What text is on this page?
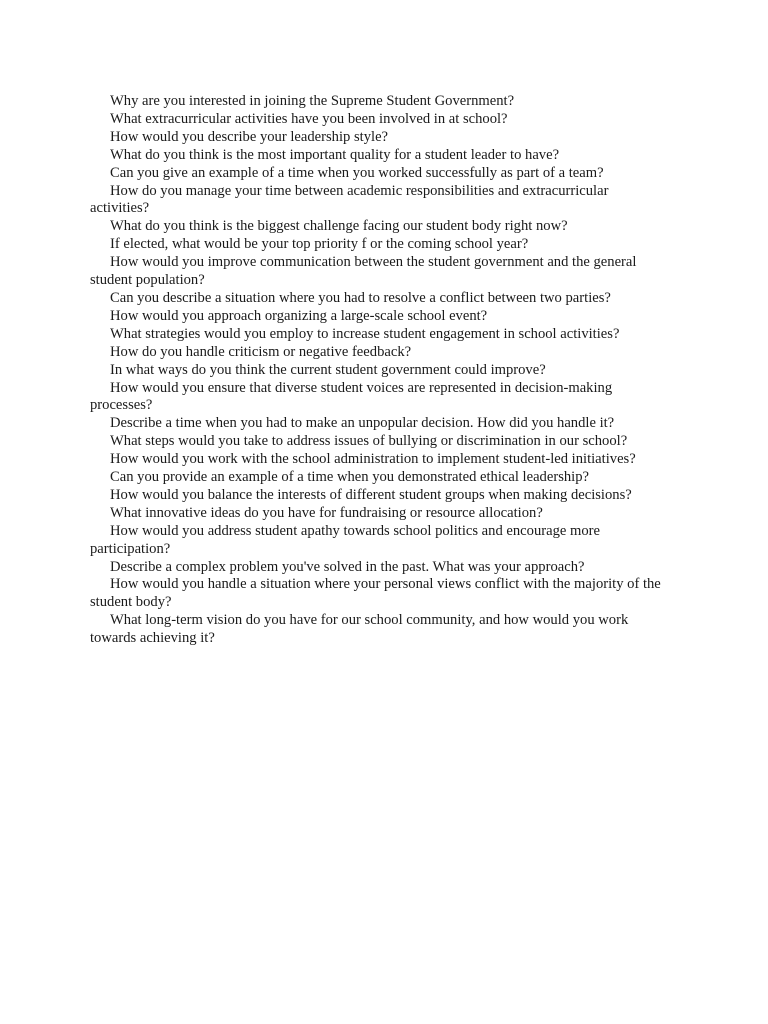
Why are you interested in joining the Supreme Student Government?

What extracurricular activities have you been involved in at school?

How would you describe your leadership style?

What do you think is the most important quality for a student leader to have?

Can you give an example of a time when you worked successfully as part of a team?

How do you manage your time between academic responsibilities and extracurricular activities?

What do you think is the biggest challenge facing our student body right now?

If elected, what would be your top priority f or the coming school year?

How would you improve communication between the student government and the general student population?

Can you describe a situation where you had to resolve a conflict between two parties?

How would you approach organizing a large-scale school event?

What strategies would you employ to increase student engagement in school activities?

How do you handle criticism or negative feedback?

In what ways do you think the current student government could improve?

How would you ensure that diverse student voices are represented in decision-making processes?

Describe a time when you had to make an unpopular decision. How did you handle it?

What steps would you take to address issues of bullying or discrimination in our school?

How would you work with the school administration to implement student-led initiatives?

Can you provide an example of a time when you demonstrated ethical leadership?

How would you balance the interests of different student groups when making decisions?

What innovative ideas do you have for fundraising or resource allocation?

How would you address student apathy towards school politics and encourage more participation?

Describe a complex problem you've solved in the past. What was your approach?

How would you handle a situation where your personal views conflict with the majority of the student body?

What long-term vision do you have for our school community, and how would you work towards achieving it?
